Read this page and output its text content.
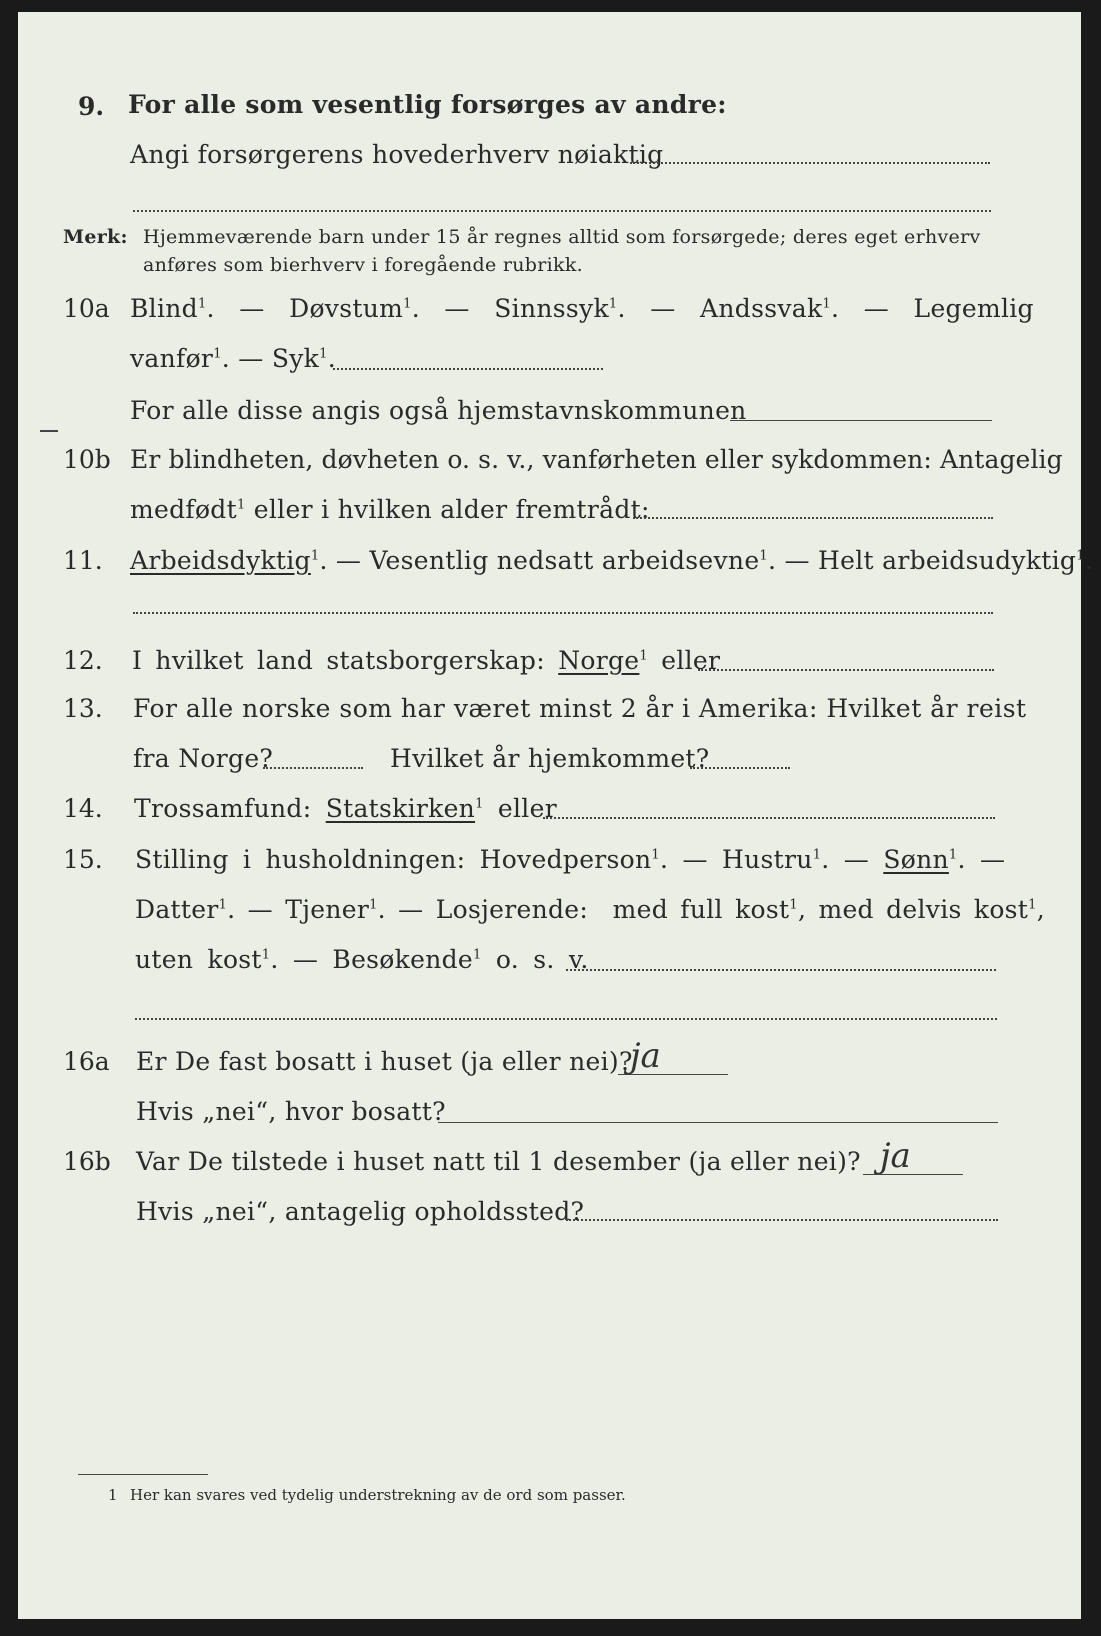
9. For alle som vesentlig forsørges av andre:
Angi forsørgerens hovederhverv nøiaktig
Merk: Hjemmeværende barn under 15 år regnes alltid som forsørgede; deres eget erhverv
anføres som bierhverv i foregående rubrikk.
10a Blind$^1$.  —  Døvstum$^1$.  —  Sinnssyk$^1$.  —  Andssvak$^1$.  —  Legemlig
vanfør$^1$. — Syk$^1$.
For alle disse angis også hjemstavnskommunen
10b Er blindheten, døvheten o. s. v., vanførheten eller sykdommen: Antagelig
medfødt$^1$ eller i hvilken alder fremtrådt:
11. Arbeidsdyktig$^1$. — Vesentlig nedsatt arbeidsevne$^1$. — Helt arbeidsudyktig$^1$.
12. I hvilket land statsborgerskap: Norge$^1$ eller
13. For alle norske som har været minst 2 år i Amerika: Hvilket år reist
fra Norge?	Hvilket år hjemkommet?
14. Trossamfund: Statskirken$^1$ eller
15. Stilling i husholdningen: Hovedperson$^1$. — Hustru$^1$. — Sønn$^1$. —
Datter$^1$. — Tjener$^1$. — Losjerende: med full kost$^1$, med delvis kost$^1$,
uten kost$^1$. — Besøkende$^1$ o. s. v.
16a Er De fast bosatt i huset (ja eller nei)?
ja
Hvis „nei“, hvor bosatt?
16b Var De tilstede i huset natt til 1 desember (ja eller nei)? ja
Hvis „nei“, antagelig opholdssted?
1 Her kan svares ved tydelig understrekning av de ord som passer.
